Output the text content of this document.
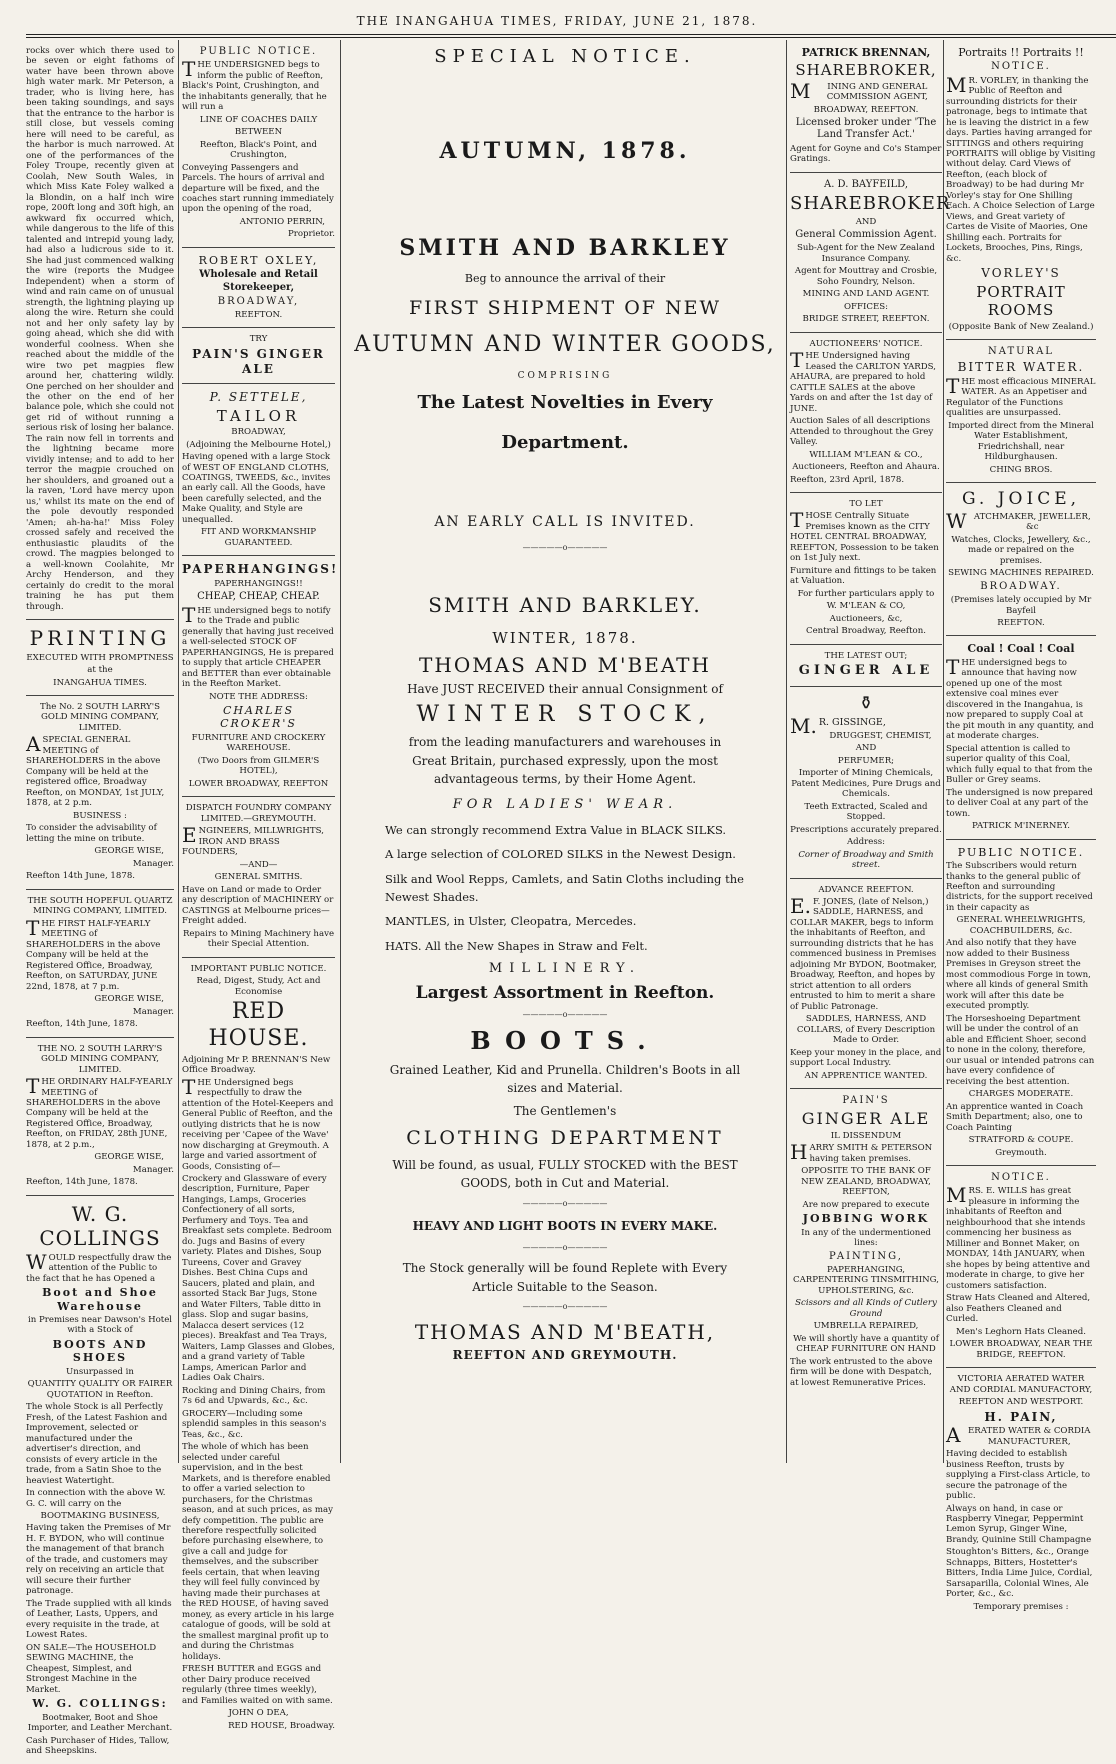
THE INANGAHUA TIMES, FRIDAY, JUNE 21, 1878.

rocks over which there used to be seven or eight fathoms of water have been thrown above high water mark. Mr Peterson, a trader, who is living here, has been taking soundings, and says that the entrance to the harbor is still close, but vessels coming here will need to be careful, as the harbor is much narrowed. At one of the performances of the Foley Troupe, recently given at Coolah, New South Wales, in which Miss Kate Foley walked a la Blondin, on a half inch wire rope, 200ft long and 30ft high, an awkward fix occurred which, while dangerous to the life of this talented and intrepid young lady, had also a ludicrous side to it. She had just commenced walking the wire (reports the Mudgee Independent) when a storm of wind and rain came on of unusual strength, the lightning playing up along the wire. Return she could not and her only safety lay by going ahead, which she did with wonderful coolness. When she reached about the middle of the wire two pet magpies flew around her, chattering wildly. One perched on her shoulder and the other on the end of her balance pole, which she could not get rid of without running a serious risk of losing her balance. The rain now fell in torrents and the lightning became more vividly intense; and to add to her terror the magpie crouched on her shoulders, and groaned out a la raven, 'Lord have mercy upon us,' whilst its mate on the end of the pole devoutly responded 'Amen; ah-ha-ha!' Miss Foley crossed safely and received the enthusiastic plaudits of the crowd. The magpies belonged to a well-known Coolahite, Mr Archy Henderson, and they certainly do credit to the moral training he has put them through.

PRINTING

EXECUTED WITH PROMPTNESS

at the

INANGAHUA TIMES.

The No. 2 SOUTH LARRY'S GOLD MINING COMPANY, LIMITED.

ASPECIAL GENERAL MEETING of SHAREHOLDERS in the above Company will be held at the registered office, Broadway Reefton, on MONDAY, 1st JULY, 1878, at 2 p.m.

BUSINESS :

To consider the advisability of letting the mine on tribute.

GEORGE WISE,

Manager.

Reefton 14th June, 1878.

THE SOUTH HOPEFUL QUARTZ MINING COMPANY, LIMITED.

THE FIRST HALF-YEARLY MEETING of SHAREHOLDERS in the above Company will be held at the Registered Office, Broadway, Reefton, on SATURDAY, JUNE 22nd, 1878, at 7 p.m.

GEORGE WISE,

Manager.

Reefton, 14th June, 1878.

THE NO. 2 SOUTH LARRY'S GOLD MINING COMPANY, LIMITED.

THE ORDINARY HALF-YEARLY MEETING of SHAREHOLDERS in the above Company will be held at the Registered Office, Broadway, Reefton, on FRIDAY, 28th JUNE, 1878, at 2 p.m.,

GEORGE WISE,

Manager.

Reefton, 14th June, 1878.

W. G. COLLINGS

WOULD respectfully draw the attention of the Public to the fact that he has Opened a

Boot and Shoe Warehouse

in Premises near Dawson's Hotel with a Stock of

BOOTS AND SHOES

Unsurpassed in

QUANTITY QUALITY OR FAIRER QUOTATION in Reefton.

The whole Stock is all Perfectly Fresh, of the Latest Fashion and Improvement, selected or manufactured under the advertiser's direction, and consists of every article in the trade, from a Satin Shoe to the heaviest Watertight.

In connection with the above W. G. C. will carry on the

BOOTMAKING BUSINESS,

Having taken the Premises of Mr H. F. BYDON, who will continue the management of that branch of the trade, and customers may rely on receiving an article that will secure their further patronage.

The Trade supplied with all kinds of Leather, Lasts, Uppers, and every requisite in the trade, at Lowest Rates.

ON SALE—The HOUSEHOLD SEWING MACHINE, the Cheapest, Simplest, and Strongest Machine in the Market.

W. G. COLLINGS:

Bootmaker, Boot and Shoe Importer, and Leather Merchant.

Cash Purchaser of Hides, Tallow, and Sheepskins.

PUBLIC NOTICE.

THE UNDERSIGNED begs to inform the public of Reefton, Black's Point, Crushington, and the inhabitants generally, that he will run a

LINE OF COACHES DAILY

BETWEEN

Reefton, Black's Point, and Crushington,

Conveying Passengers and Parcels. The hours of arrival and departure will be fixed, and the coaches start running immediately upon the opening of the road,

ANTONIO PERRIN,

Proprietor.

ROBERT OXLEY,

Wholesale and Retail Storekeeper,

BROADWAY,

REEFTON.

TRY

PAIN'S GINGER ALE

P. SETTELE,

TAILOR

BROADWAY,

(Adjoining the Melbourne Hotel,)

Having opened with a large Stock of WEST OF ENGLAND CLOTHS, COATINGS, TWEEDS, &c., invites an early call. All the Goods, have been carefully selected, and the Make Quality, and Style are unequalled.

FIT AND WORKMANSHIP GUARANTEED.

PAPERHANGINGS!

PAPERHANGINGS!!

CHEAP, CHEAP, CHEAP.

THE undersigned begs to notify to the Trade and public generally that having just received a well-selected STOCK OF PAPERHANGINGS, He is prepared to supply that article CHEAPER and BETTER than ever obtainable in the Reefton Market.

NOTE THE ADDRESS:

CHARLES CROKER'S

FURNITURE AND CROCKERY WAREHOUSE.

(Two Doors from GILMER'S HOTEL),

LOWER BROADWAY, REEFTON

DISPATCH FOUNDRY COMPANY LIMITED.—GREYMOUTH.

ENGINEERS, MILLWRIGHTS, IRON AND BRASS FOUNDERS,

—AND—

GENERAL SMITHS.

Have on Land or made to Order any description of MACHINERY or CASTINGS at Melbourne prices—Freight added.

Repairs to Mining Machinery have their Special Attention.

IMPORTANT PUBLIC NOTICE.

Read, Digest, Study, Act and Economise

RED HOUSE.

Adjoining Mr P. BRENNAN'S New Office Broadway.

THE Undersigned begs respectfully to draw the attention of the Hotel-Keepers and General Public of Reefton, and the outlying districts that he is now receiving per 'Capee of the Wave' now discharging at Greymouth. A large and varied assortment of Goods, Consisting of—

Crockery and Glassware of every description, Furniture, Paper Hangings, Lamps, Groceries Confectionery of all sorts, Perfumery and Toys. Tea and Breakfast sets complete. Bedroom do. Jugs and Basins of every variety. Plates and Dishes, Soup Tureens, Cover and Gravey Dishes. Best China Cups and Saucers, plated and plain, and assorted Stack Bar Jugs, Stone and Water Filters, Table ditto in glass. Slop and sugar basins, Malacca desert services (12 pieces). Breakfast and Tea Trays, Waiters, Lamp Glasses and Globes, and a grand variety of Table Lamps, American Parlor and Ladies Oak Chairs.

Rocking and Dining Chairs, from 7s 6d and Upwards, &c., &c.

GROCERY—Including some splendid samples in this season's Teas, &c., &c.

The whole of which has been selected under careful supervision, and in the best Markets, and is therefore enabled to offer a varied selection to purchasers, for the Christmas season, and at such prices, as may defy competition. The public are therefore respectfully solicited before purchasing elsewhere, to give a call and judge for themselves, and the subscriber feels certain, that when leaving they will feel fully convinced by having made their purchases at the RED HOUSE, of having saved money, as every article in his large catalogue of goods, will be sold at the smallest marginal profit up to and during the Christmas holidays.

FRESH BUTTER and EGGS and other Dairy produce received regularly (three times weekly), and Families waited on with same.

JOHN O DEA,

RED HOUSE, Broadway.

SPECIAL NOTICE.
AUTUMN, 1878.
SMITH AND BARKLEY
Beg to announce the arrival of their
FIRST SHIPMENT OF NEW
AUTUMN AND WINTER GOODS,
COMPRISING
The Latest Novelties in Every
Department.
AN EARLY CALL IS INVITED.
—————o—————
SMITH AND BARKLEY.
WINTER, 1878.
THOMAS AND M'BEATH
Have JUST RECEIVED their annual Consignment of
WINTER STOCK,
from the leading manufacturers and warehouses in Great Britain, purchased expressly, upon the most advantageous terms, by their Home Agent.
FOR LADIES' WEAR.

We can strongly recommend Extra Value in BLACK SILKS.

A large selection of COLORED SILKS in the Newest Design.

Silk and Wool Repps, Camlets, and Satin Cloths including the Newest Shades.

MANTLES, in Ulster, Cleopatra, Mercedes.

HATS. All the New Shapes in Straw and Felt.

MILLINERY.
Largest Assortment in Reefton.
—————o—————
BOOTS.
Grained Leather, Kid and Prunella. Children's Boots in all sizes and Material.
The Gentlemen's
CLOTHING DEPARTMENT
Will be found, as usual, FULLY STOCKED with the BEST GOODS, both in Cut and Material.
—————o—————
HEAVY AND LIGHT BOOTS IN EVERY MAKE.
—————o—————
The Stock generally will be found Replete with Every Article Suitable to the Season.
—————o—————
THOMAS AND M'BEATH,
REEFTON AND GREYMOUTH.

PATRICK BRENNAN,

SHAREBROKER,

MINING AND GENERAL COMMISSION AGENT,

BROADWAY, REEFTON.

Licensed broker under 'The Land Transfer Act.'

Agent for Goyne and Co's Stamper Gratings.

A. D. BAYFEILD,

SHAREBROKER

AND

General Commission Agent.

Sub-Agent for the New Zealand Insurance Company.

Agent for Mouttray and Crosbie, Soho Foundry, Nelson.

MINING AND LAND AGENT.

OFFICES:

BRIDGE STREET, REEFTON.

AUCTIONEERS' NOTICE.

THE Undersigned having Leased the CARLTON YARDS, AHAURA, are prepared to hold CATTLE SALES at the above Yards on and after the 1st day of JUNE.

Auction Sales of all descriptions Attended to throughout the Grey Valley.

WILLIAM M'LEAN & CO.,

Auctioneers, Reefton and Ahaura.

Reefton, 23rd April, 1878.

TO LET

THOSE Centrally Situate Premises known as the CITY HOTEL CENTRAL BROADWAY, REEFTON, Possession to be taken on 1st July next.

Furniture and fittings to be taken at Valuation.

For further particulars apply to

W. M'LEAN & CO,

Auctioneers, &c,

Central Broadway, Reefton.

THE LATEST OUT;

GINGER ALE

⚱

M.R. GISSINGE,

DRUGGEST, CHEMIST,

AND

PERFUMER;

Importer of Mining Chemicals, Patent Medicines, Pure Drugs and Chemicals.

Teeth Extracted, Scaled and Stopped.

Prescriptions accurately prepared.

Address:

Corner of Broadway and Smith street.

ADVANCE REEFTON.

E.F. JONES, (late of Nelson,) SADDLE, HARNESS, and COLLAR MAKER, begs to inform the inhabitants of Reefton, and surrounding districts that he has commenced business in Premises adjoining Mr BYDON, Bootmaker, Broadway, Reefton, and hopes by strict attention to all orders entrusted to him to merit a share of Public Patronage.

SADDLES, HARNESS, AND COLLARS, of Every Description Made to Order.

Keep your money in the place, and support Local Industry.

AN APPRENTICE WANTED.

PAIN'S

GINGER ALE

IL DISSENDUM

HARRY SMITH & PETERSON having taken premises.

OPPOSITE TO THE BANK OF NEW ZEALAND, BROADWAY, REEFTON,

Are now prepared to execute

JOBBING WORK

In any of the undermentioned lines:

PAINTING,

PAPERHANGING, CARPENTERING TINSMITHING, UPHOLSTERING, &c.

Scissors and all Kinds of Cutlery Ground

UMBRELLA REPAIRED,

We will shortly have a quantity of CHEAP FURNITURE ON HAND

The work entrusted to the above firm will be done with Despatch, at lowest Remunerative Prices.

Portraits !! Portraits !!

NOTICE.

MR. VORLEY, in thanking the Public of Reefton and surrounding districts for their patronage, begs to intimate that he is leaving the district in a few days. Parties having arranged for SITTINGS and others requiring PORTRAITS will oblige by Visiting without delay. Card Views of Reefton, (each block of Broadway) to be had during Mr Vorley's stay for One Shilling Each. A Choice Selection of Large Views, and Great variety of Cartes de Visite of Maories, One Shilling each. Portraits for Lockets, Brooches, Pins, Rings, &c.

VORLEY'S

PORTRAIT ROOMS

(Opposite Bank of New Zealand.)

NATURAL

BITTER WATER.

THE most efficacious MINERAL WATER. As an Appetiser and Regulator of the Functions qualities are unsurpassed.

Imported direct from the Mineral Water Establishment, Friedrichshall, near Hildburghausen.

CHING BROS.

G. JOICE,

WATCHMAKER, JEWELLER, &c

Watches, Clocks, Jewellery, &c., made or repaired on the premises.

SEWING MACHINES REPAIRED.

BROADWAY.

(Premises lately occupied by Mr Bayfeil

REEFTON.

Coal ! Coal ! Coal

THE undersigned begs to announce that having now opened up one of the most extensive coal mines ever discovered in the Inangahua, is now prepared to supply Coal at the pit mouth in any quantity, and at moderate charges.

Special attention is called to superior quality of this Coal, which fully equal to that from the Buller or Grey seams.

The undersigned is now prepared to deliver Coal at any part of the town.

PATRICK M'INERNEY.

PUBLIC NOTICE.

The Subscribers would return thanks to the general public of Reefton and surrounding districts, for the support received in their capacity as

GENERAL WHEELWRIGHTS, COACHBUILDERS, &c.

And also notify that they have now added to their Business Premises in Greyson street the most commodious Forge in town, where all kinds of general Smith work will after this date be executed promptly.

The Horseshoeing Department will be under the control of an able and Efficient Shoer, second to none in the colony, therefore, our usual or intended patrons can have every confidence of receiving the best attention.

CHARGES MODERATE.

An apprentice wanted in Coach Smith Department; also, one to Coach Painting

STRATFORD & COUPE.

Greymouth.

NOTICE.

MRS. E. WILLS has great pleasure in informing the inhabitants of Reefton and neighbourhood that she intends commencing her business as Milliner and Bonnet Maker, on MONDAY, 14th JANUARY, when she hopes by being attentive and moderate in charge, to give her customers satisfaction.

Straw Hats Cleaned and Altered, also Feathers Cleaned and Curled.

Men's Leghorn Hats Cleaned.

LOWER BROADWAY, NEAR THE BRIDGE, REEFTON.

VICTORIA AERATED WATER AND CORDIAL MANUFACTORY,

REEFTON AND WESTPORT.

H. PAIN,

AERATED WATER & CORDIA MANUFACTURER,

Having decided to establish business Reefton, trusts by supplying a First-class Article, to secure the patronage of the public.

Always on hand, in case or Raspberry Vinegar, Peppermint Lemon Syrup, Ginger Wine, Brandy, Quinine Still Champagne

Stoughton's Bitters, &c., Orange Schnapps, Bitters, Hostetter's Bitters, India Lime Juice, Cordial, Sarsaparilla, Colonial Wines, Ale Porter, &c., &c.

Temporary premises :
